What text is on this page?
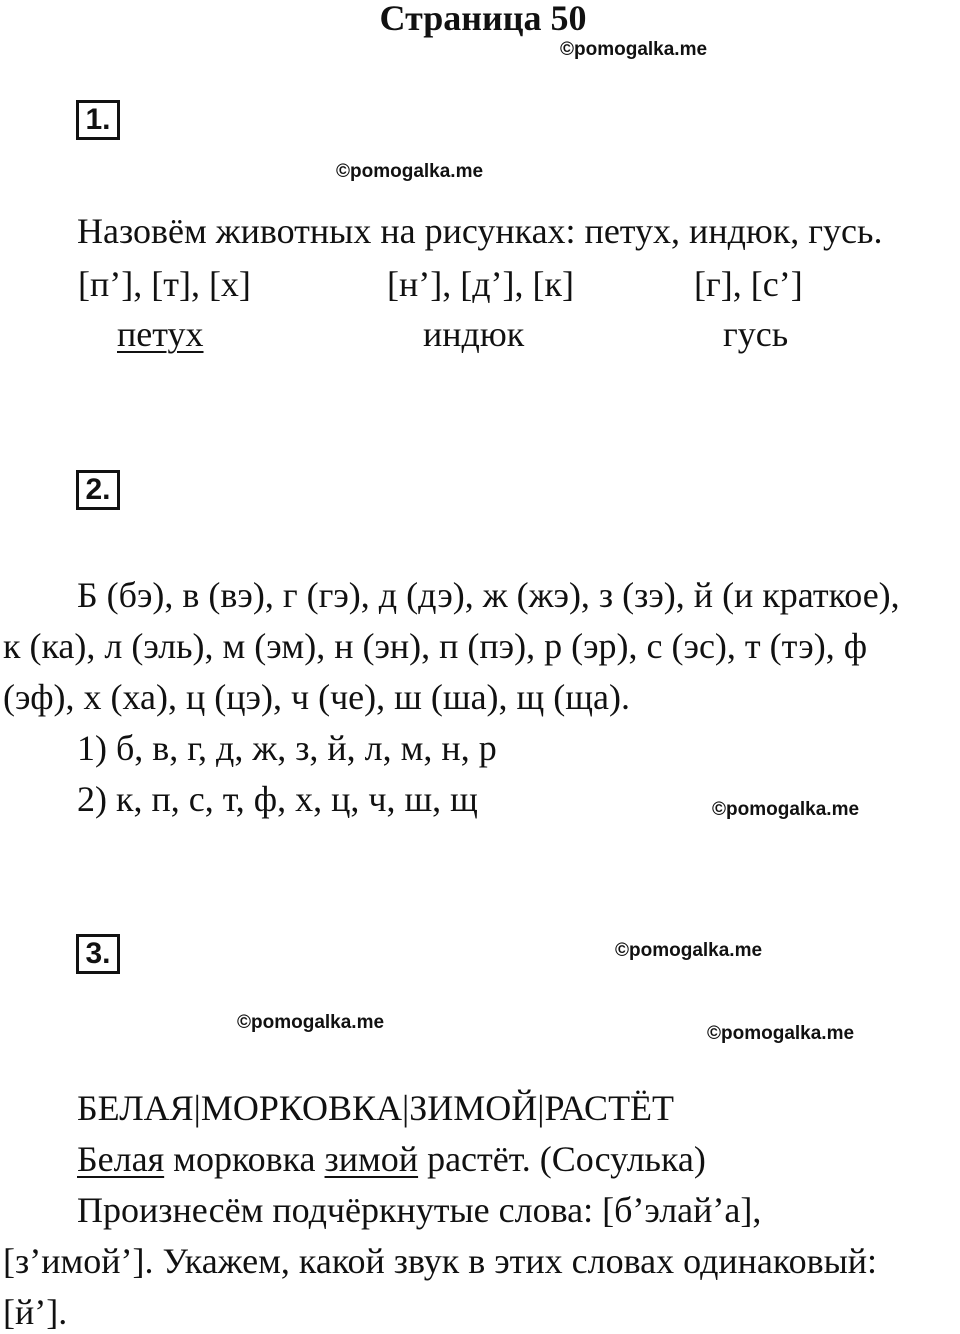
Страница 50
©pomogalka.me
1.
©pomogalka.me
Назовём животных на рисунках: петух, индюк, гусь.
[п’], [т], [х]	[н’], [д’], [к]	[г], [с’]
петух	индюк	гусь
2.
Б (бэ), в (вэ), г (гэ), д (дэ), ж (жэ), з (зэ), й (и краткое),
к (ка), л (эль), м (эм), н (эн), п (пэ), р (эр), с (эс), т (тэ), ф
(эф), х (ха), ц (цэ), ч (че), ш (ша), щ (ща).
1) б, в, г, д, ж, з, й, л, м, н, р
2) к, п, с, т, ф, х, ц, ч, ш, щ	©pomogalka.me
3.	©pomogalka.me
©pomogalka.me
©pomogalka.me
БЕЛАЯ|МОРКОВКА|ЗИМОЙ|РАСТЁТ
Белая морковка зимой растёт. (Сосулька)
Произнесём подчёркнутые слова: [б’элай’а],
[з’имой’]. Укажем, какой звук в этих словах одинаковый:
[й’].
